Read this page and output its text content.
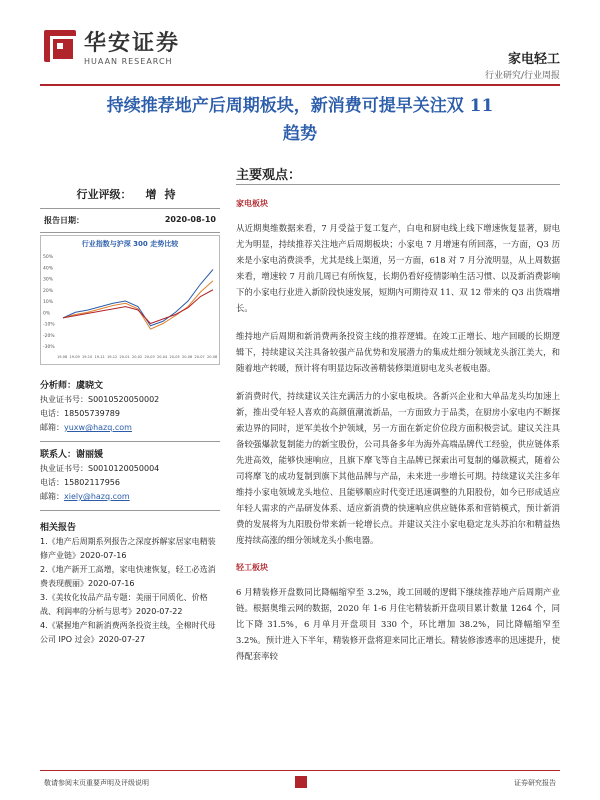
华安证券
HUAAN RESEARCH	家电轻工
行业研究/行业周报
持续推荐地产后周期板块，新消费可提早关注双 11
趋势
主要观点：
行业评级： 增持
报告日期：	2020-08-10
行业指数与沪深 300 走势比较
50%
40%
30%
20%
10%
0%
-10%
-20%
-30%
19-08 19-09 19-10 19-11 19-12 20-01 20-02 20-03 20-04 20-05 20-06 20-07 20-08
分析师：虞晓文
执业证书号：S0010520050002
电话：18505739789
邮箱：yuxw@hazq.com
联系人：谢丽媛
执业证书号：S0010120050004
电话：15802117956
邮箱：xiely@hazq.com
相关报告
1.《地产后周期系列报告之深度拆解家居家电精装修产业链》2020-07-16
2.《地产新开工高增，家电快速恢复，轻工必选消费表现靓丽》2020-07-16
3.《美妆化妆品产品专题：美丽于同质化、价格战、利润率的分析与思考》2020-07-22
4.《紧握地产和新消费两条投资主线，全棉时代母公司 IPO 过会》2020-07-27
家电板块
从近期奥维数据来看，7 月受益于复工复产，白电和厨电线上线下增速恢复显著，厨电尤为明显，持续推荐关注地产后周期板块；小家电 7 月增速有所回落，一方面，Q3 历来是小家电消费淡季，尤其是线上渠道，另一方面，618 对 7 月分流明显，从上周数据来看，增速较 7 月前几周已有所恢复，长期仍看好疫情影响生活习惯、以及新消费影响下的小家电行业进入新阶段快速发展，短期内可期待双 11、双 12 带来的 Q3 出货端增长。
维持地产后周期和新消费两条投资主线的推荐逻辑。在竣工正增长、地产回暖的长期逻辑下，持续建议关注具备较强产品优势和发展潜力的集成灶细分领域龙头浙江美大，和随着地产转暖，预计将有明显边际改善精装修渠道厨电龙头老板电器。
新消费时代，持续建议关注充满活力的小家电板块。各新兴企业和大单品龙头均加速上新，推出受年轻人喜欢的高颜值潮流新品，一方面致力于品类，在厨房小家电内不断探索边界的同时，逆军美妆个护领域，另一方面在新定价位段方面积极尝试。建议关注具备较强爆款复制能力的新宝股份，公司具备多年为海外高端品牌代工经验，供应链体系先进高效，能够快速响应，且旗下摩飞等自主品牌已探索出可复制的爆款模式，随着公司将摩飞的成功复制到旗下其他品牌与产品，未来进一步增长可期。持续建议关注多年维持小家电领域龙头地位、且能够顺应时代变迁迅速调整的九阳股份，如今已形成适应年轻人需求的产品研发体系、适应新消费的快速响应供应链体系和营销模式，预计新消费的发展将为九阳股份带来新一轮增长点。并建议关注小家电稳定龙头苏泊尔和精益热度持续高涨的细分领域龙头小熊电器。
轻工板块
6 月精装修开盘数同比降幅缩窄至 3.2%，竣工回暖的逻辑下继续推荐地产后周期产业链。根据奥维云网的数据，2020 年 1-6 月住宅精装新开盘项目累计数量 1264 个，同比下降 31.5%，6 月单月开盘项目 330 个，环比增加 38.2%，同比降幅缩窄至 3.2%。预计进入下半年，精装修开盘将迎来同比正增长。精装修渗透率的迅速提升，使得配套率较
敬请参阅末页重要声明及评级说明	证券研究报告
